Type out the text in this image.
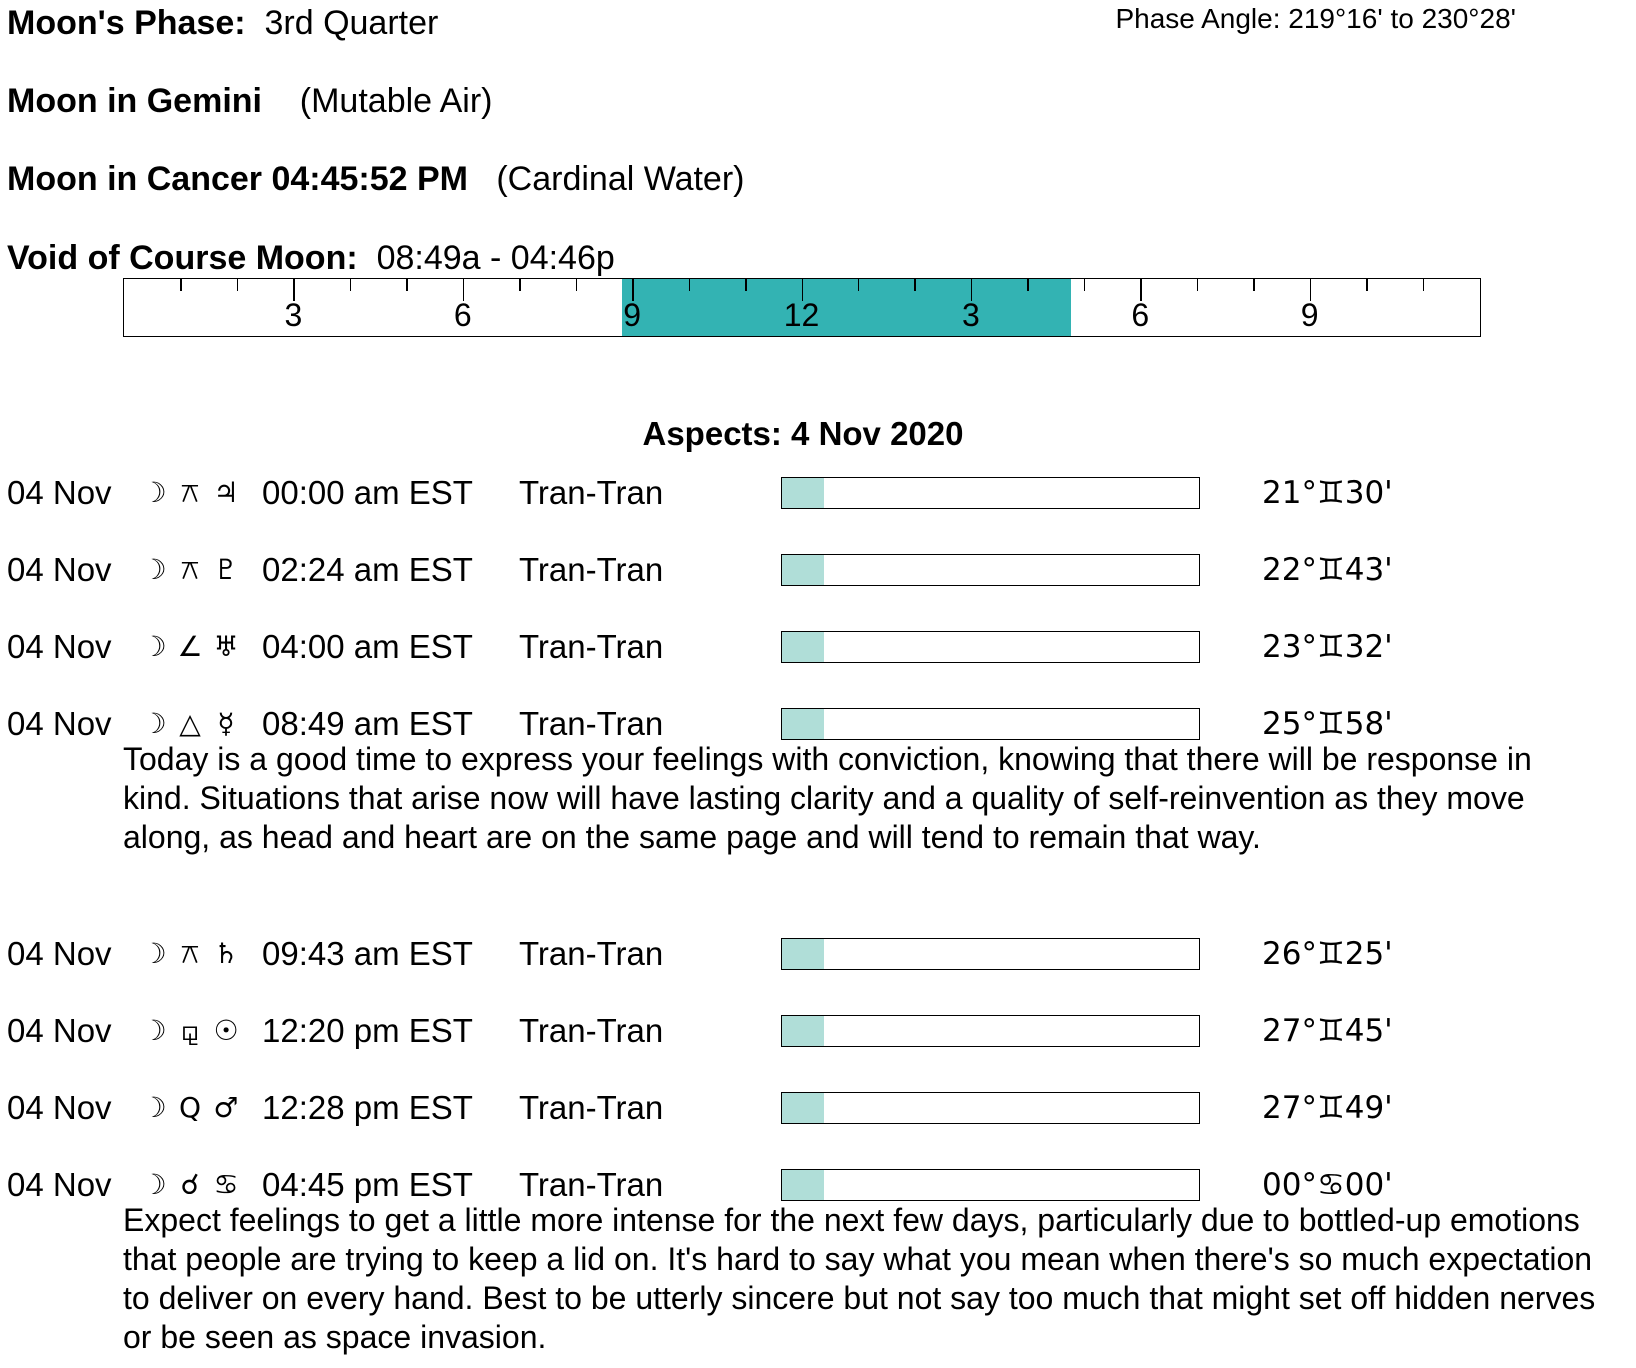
Moon's Phase: 3rd Quarter	Phase Angle: 219°16' to 230°28'
Moon in Gemini (Mutable Air)
Moon in Cancer 04:45:52 PM (Cardinal Water)
Void of Course Moon: 08:49a - 04:46p
3	6	9	12	3	6	9
Aspects: 4 Nov 2020
04 Nov ☽ ⚻ ♃ 00:00 am EST Tran-Tran	21°♊30'
04 Nov ☽ ⚻ ♇ 02:24 am EST Tran-Tran	22°♊43'
04 Nov ☽ ∠ ♅ 04:00 am EST Tran-Tran	23°♊32'
04 Nov ☽ △ ☿ 08:49 am EST Tran-Tran	25°♊58'
Today is a good time to express your feelings with conviction, knowing that there will be response in kind. Situations that arise now will have lasting clarity and a quality of self-reinvention as they move along, as head and heart are on the same page and will tend to remain that way.
04 Nov ☽ ⚻ ♄ 09:43 am EST Tran-Tran	26°♊25'
04 Nov ☽ ⚼ ☉ 12:20 pm EST Tran-Tran	27°♊45'
04 Nov ☽ Q ♂ 12:28 pm EST Tran-Tran	27°♊49'
04 Nov ☽ ☌ ♋ 04:45 pm EST Tran-Tran	00°♋00'
Expect feelings to get a little more intense for the next few days, particularly due to bottled-up emotions that people are trying to keep a lid on. It's hard to say what you mean when there's so much expectation to deliver on every hand. Best to be utterly sincere but not say too much that might set off hidden nerves or be seen as space invasion.
